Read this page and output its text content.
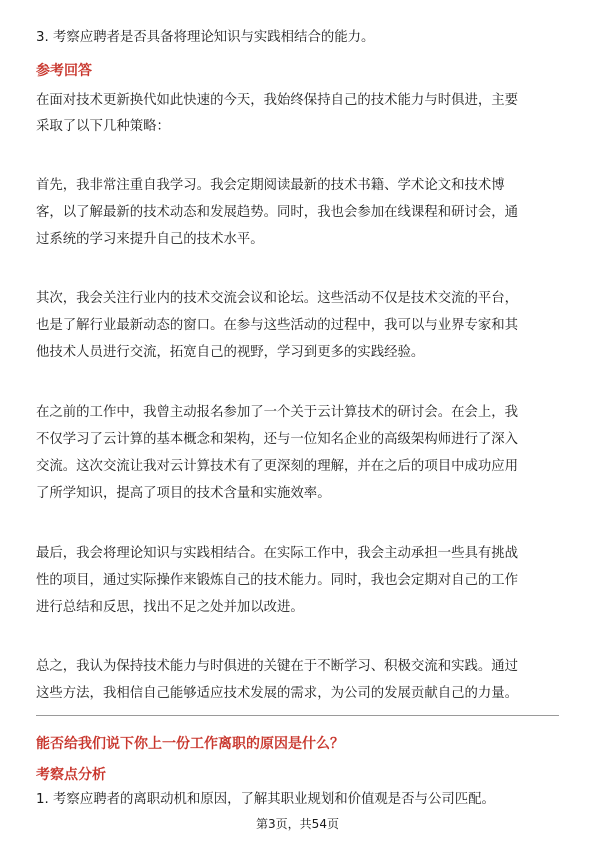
3. 考察应聘者是否具备将理论知识与实践相结合的能力。
参考回答
在面对技术更新换代如此快速的今天，我始终保持自己的技术能力与时俱进，主要
采取了以下几种策略：
首先，我非常注重自我学习。我会定期阅读最新的技术书籍、学术论文和技术博
客，以了解最新的技术动态和发展趋势。同时，我也会参加在线课程和研讨会，通
过系统的学习来提升自己的技术水平。
其次，我会关注行业内的技术交流会议和论坛。这些活动不仅是技术交流的平台，
也是了解行业最新动态的窗口。在参与这些活动的过程中，我可以与业界专家和其
他技术人员进行交流，拓宽自己的视野，学习到更多的实践经验。
在之前的工作中，我曾主动报名参加了一个关于云计算技术的研讨会。在会上，我
不仅学习了云计算的基本概念和架构，还与一位知名企业的高级架构师进行了深入
交流。这次交流让我对云计算技术有了更深刻的理解，并在之后的项目中成功应用
了所学知识，提高了项目的技术含量和实施效率。
最后，我会将理论知识与实践相结合。在实际工作中，我会主动承担一些具有挑战
性的项目，通过实际操作来锻炼自己的技术能力。同时，我也会定期对自己的工作
进行总结和反思，找出不足之处并加以改进。
总之，我认为保持技术能力与时俱进的关键在于不断学习、积极交流和实践。通过
这些方法，我相信自己能够适应技术发展的需求，为公司的发展贡献自己的力量。
能否给我们说下你上一份工作离职的原因是什么？
考察点分析
1. 考察应聘者的离职动机和原因，了解其职业规划和价值观是否与公司匹配。
第3页，共54页
